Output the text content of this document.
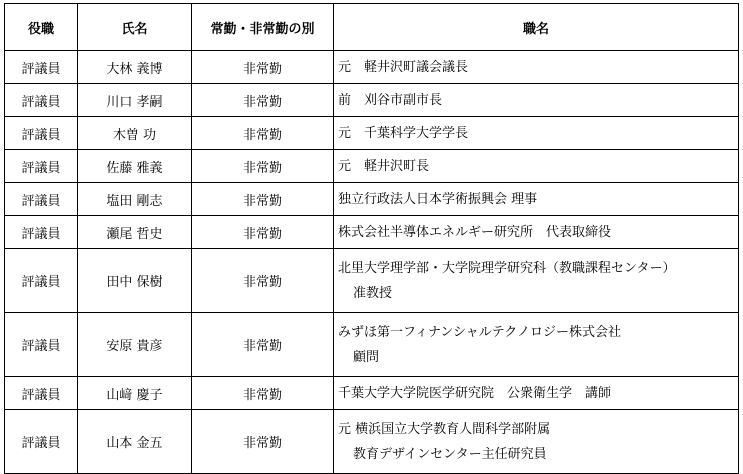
役職	氏名	常勤・非常勤の別	職名
評議員	大林 義博	非常勤	元　軽井沢町議会議長

評議員	川口 孝嗣	非常勤	前　刈谷市副市長

評議員	木曽 功	非常勤	元　千葉科学大学学長

評議員	佐藤 雅義	非常勤	元　軽井沢町長

評議員	塩田 剛志	非常勤	独立行政法人日本学術振興会 理事

評議員	瀬尾 哲史	非常勤	株式会社半導体エネルギー研究所　代表取締役

評議員	田中 保樹	非常勤	北里大学理学部・大学院理学研究科（教職課程センター）
准教授

評議員	安原 貴彦	非常勤	みずほ第一フィナンシャルテクノロジー株式会社
顧問

評議員	山﨑 慶子	非常勤	千葉大学大学院医学研究院　公衆衛生学　講師

評議員	山本 金五	非常勤	元 横浜国立大学教育人間科学部附属
教育デザインセンター主任研究員
